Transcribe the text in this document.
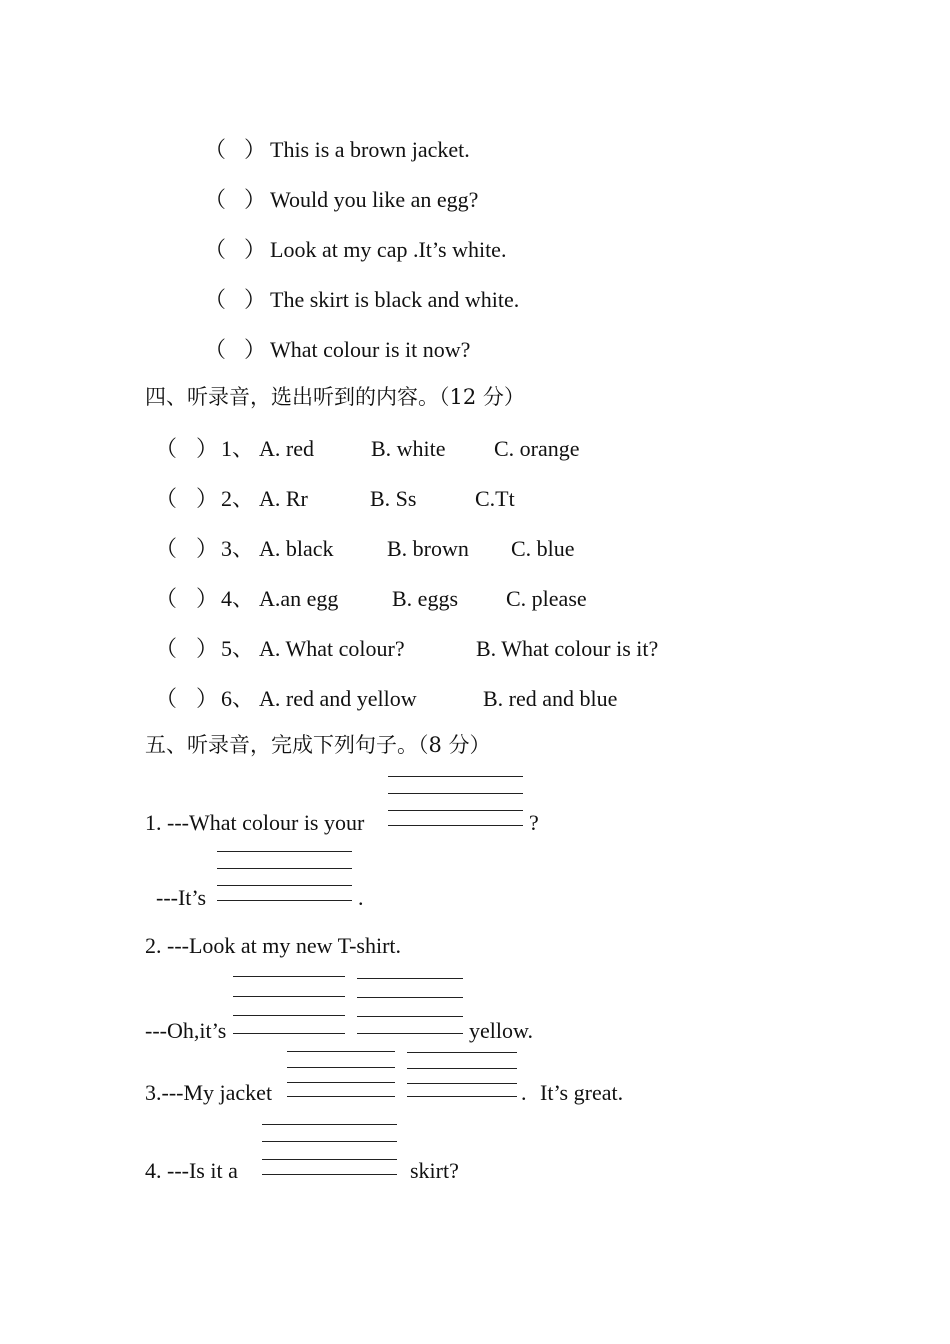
（ ） This is a brown jacket.
（ ） Would you like an egg?
（ ） Look at my cap .It’s white.
（ ） The skirt is black and white.
（ ） What colour is it now?
四、听录音，选出听到的内容。（12 分）
（ ） 1、 A. red	B. white C. orange
（ ） 2、 A. Rr	B. Ss	C.Tt
（ ） 3、 A. black B. brown C. blue
（ ） 4、 A.an egg B. eggs C. please
（ ） 5、 A. What colour?	B. What colour is it?
（ ） 6、 A. red and yellow	B. red and blue
五、听录音，完成下列句子。（8 分）
1. ---What colour is your	?
---It’s	.
2. ---Look at my new T-shirt.
---Oh,it’s	yellow.
3.---My jacket	. It’s great.
4. ---Is it a	skirt?
